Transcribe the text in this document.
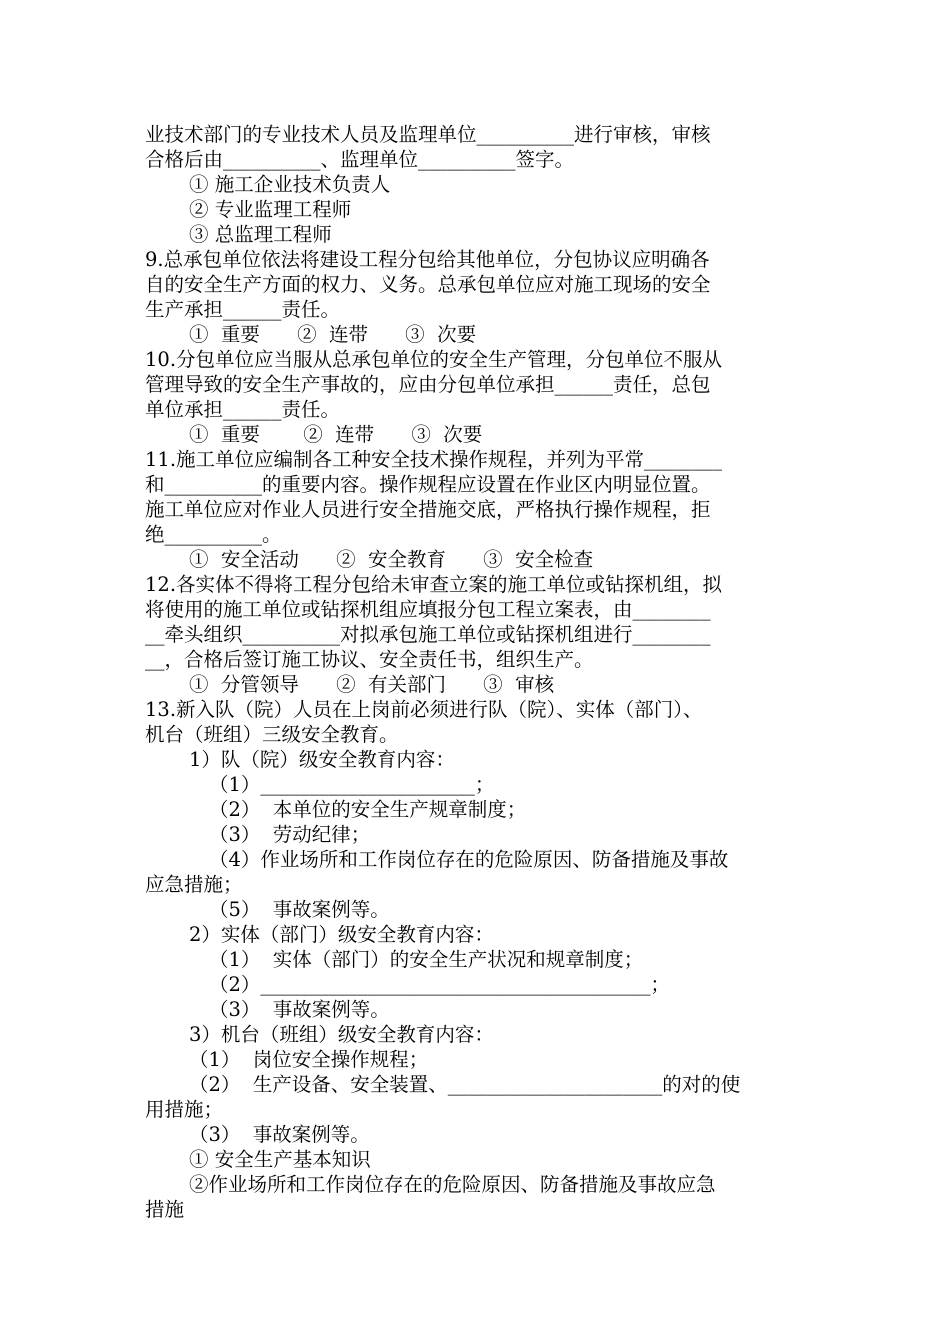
业技术部门的专业技术人员及监理单位__________进行审核，审核
合格后由__________、监理单位__________签字。
① 施工企业技术负责人
② 专业监理工程师
③ 总监理工程师
9.总承包单位依法将建设工程分包给其他单位，分包协议应明确各
自的安全生产方面的权力、义务。总承包单位应对施工现场的安全
生产承担______责任。
①  重要      ②  连带      ③  次要
10.分包单位应当服从总承包单位的安全生产管理，分包单位不服从
管理导致的安全生产事故的，应由分包单位承担______责任，总包
单位承担______责任。
①  重要       ②  连带      ③  次要
11.施工单位应编制各工种安全技术操作规程，并列为平常________
和__________的重要内容。操作规程应设置在作业区内明显位置。
施工单位应对作业人员进行安全措施交底，严格执行操作规程，拒
绝__________。
①  安全活动      ②  安全教育      ③  安全检查
12.各实体不得将工程分包给未审查立案的施工单位或钻探机组，拟
将使用的施工单位或钻探机组应填报分包工程立案表，由________
__牵头组织__________对拟承包施工单位或钻探机组进行________
__，合格后签订施工协议、安全责任书，组织生产。
①  分管领导      ②  有关部门      ③  审核
13.新入队（院）人员在上岗前必须进行队（院）、实体（部门）、
机台（班组）三级安全教育。
1）队（院）级安全教育内容：
（1）______________________；
（2）  本单位的安全生产规章制度；
（3）  劳动纪律；
（4）作业场所和工作岗位存在的危险原因、防备措施及事故
应急措施；
（5）  事故案例等。
2）实体（部门）级安全教育内容：
（1）  实体（部门）的安全生产状况和规章制度；
（2）________________________________________；
（3）  事故案例等。
3）机台（班组）级安全教育内容：
（1）  岗位安全操作规程；
（2）  生产设备、安全装置、______________________的对的使
用措施；
（3）  事故案例等。
① 安全生产基本知识
②作业场所和工作岗位存在的危险原因、防备措施及事故应急
措施
